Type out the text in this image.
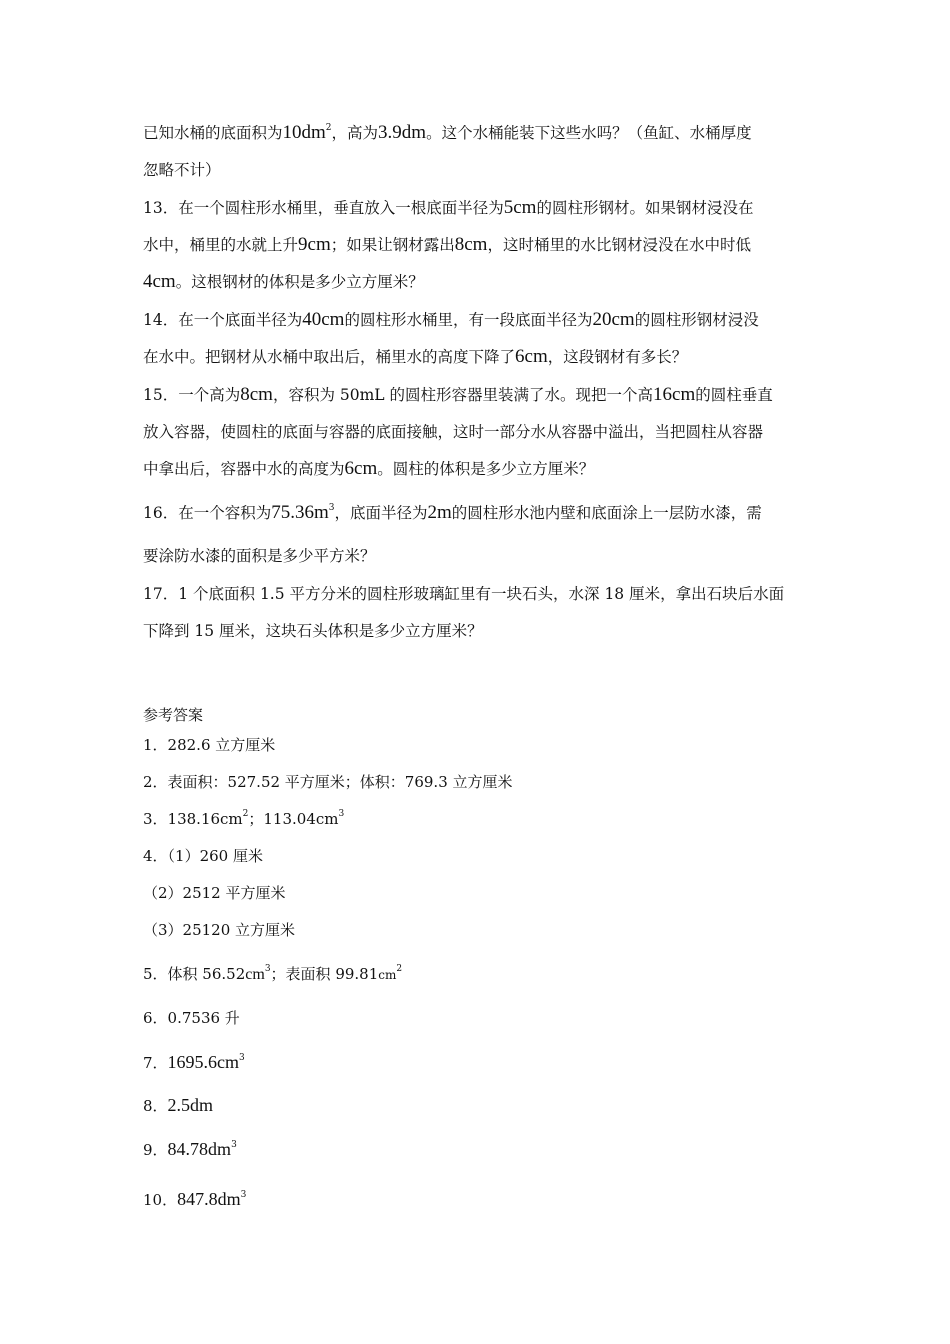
已知水桶的底面积为$10dm^2$，高为3.9dm。这个水桶能装下这些水吗？（鱼缸、水桶厚度
忽略不计）
13．在一个圆柱形水桶里，垂直放入一根底面半径为5cm的圆柱形钢材。如果钢材浸没在
水中，桶里的水就上升9cm；如果让钢材露出8cm，这时桶里的水比钢材浸没在水中时低
4cm。这根钢材的体积是多少立方厘米？
14．在一个底面半径为40cm的圆柱形水桶里，有一段底面半径为20cm的圆柱形钢材浸没
在水中。把钢材从水桶中取出后，桶里水的高度下降了6cm，这段钢材有多长？
15．一个高为8cm，容积为 50mL 的圆柱形容器里装满了水。现把一个高16cm的圆柱垂直
放入容器，使圆柱的底面与容器的底面接触，这时一部分水从容器中溢出，当把圆柱从容器
中拿出后，容器中水的高度为6cm。圆柱的体积是多少立方厘米？
16．在一个容积为$75.36m^3$，底面半径为2m的圆柱形水池内壁和底面涂上一层防水漆，需
要涂防水漆的面积是多少平方米？
17．1 个底面积 1.5 平方分米的圆柱形玻璃缸里有一块石头，水深 18 厘米，拿出石块后水面
下降到 15 厘米，这块石头体积是多少立方厘米？
参考答案
1．282.6 立方厘米
2．表面积：527.52 平方厘米；体积：769.3 立方厘米
3．$138.16cm^2$；$113.04cm^3$
4．（1）260 厘米
（2）2512 平方厘米
（3）25120 立方厘米
5．体积 $56.52cm^3$；表面积 $99.81cm^2$
6．0.7536 升
7．$1695.6cm^3$
8．2.5dm
9．$84.78dm^3$
10．$847.8dm^3$
